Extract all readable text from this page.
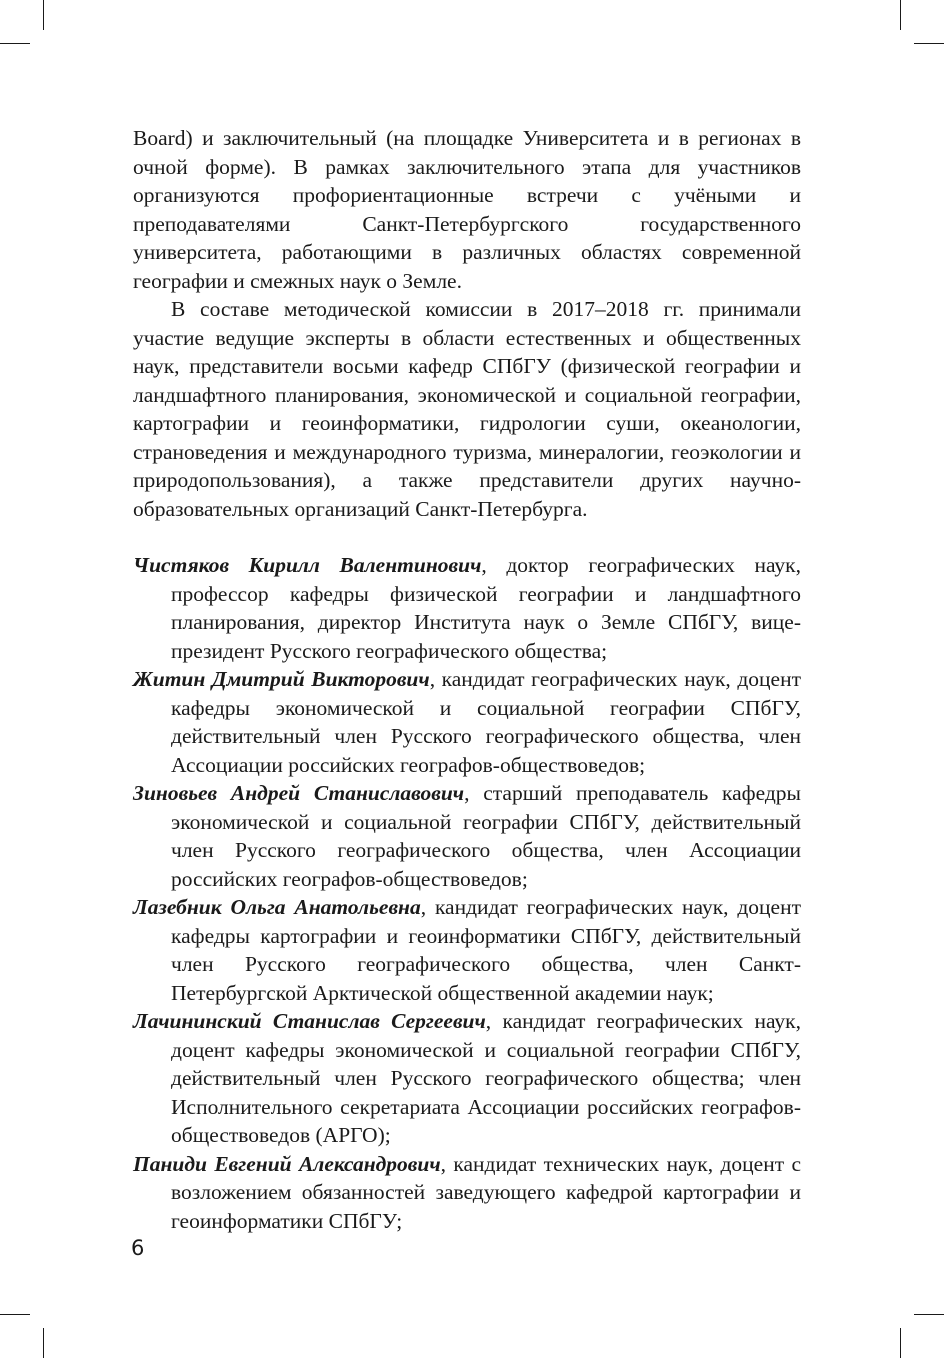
Board) и заключительный (на площадке Университета и в регионах в очной форме). В рамках заключительного этапа для участников организуются профориентационные встречи с учёными и преподавателями Санкт-Петербургского государственного университета, работающими в различных областях современной географии и смежных наук о Земле.

В составе методической комиссии в 2017–2018 гг. принимали участие ведущие эксперты в области естественных и общественных наук, представители восьми кафедр СПбГУ (физической географии и ландшафтного планирования, экономической и социальной географии, картографии и геоинформатики, гидрологии суши, океанологии, страноведения и международного туризма, минералогии, геоэкологии и природопользования), а также представители других научно-образовательных организаций Санкт-Петербурга.

Чистяков Кирилл Валентинович, доктор географических наук, профессор кафедры физической географии и ландшафтного планирования, директор Института наук о Земле СПбГУ, вице-президент Русского географического общества;
Житин Дмитрий Викторович, кандидат географических наук, доцент кафедры экономической и социальной географии СПбГУ, действительный член Русского географического общества, член Ассоциации российских географов-обществоведов;
Зиновьев Андрей Станиславович, старший преподаватель кафедры экономической и социальной географии СПбГУ, действительный член Русского географического общества, член Ассоциации российских географов-обществоведов;
Лазебник Ольга Анатольевна, кандидат географических наук, доцент кафедры картографии и геоинформатики СПбГУ, действительный член Русского географического общества, член Санкт-Петербургской Арктической общественной академии наук;
Лачининский Станислав Сергеевич, кандидат географических наук, доцент кафедры экономической и социальной географии СПбГУ, действительный член Русского географического общества; член Исполнительного секретариата Ассоциации российских географов-обществоведов (АРГО);
Паниди Евгений Александрович, кандидат технических наук, доцент с возложением обязанностей заведующего кафедрой картографии и геоинформатики СПбГУ;
6
